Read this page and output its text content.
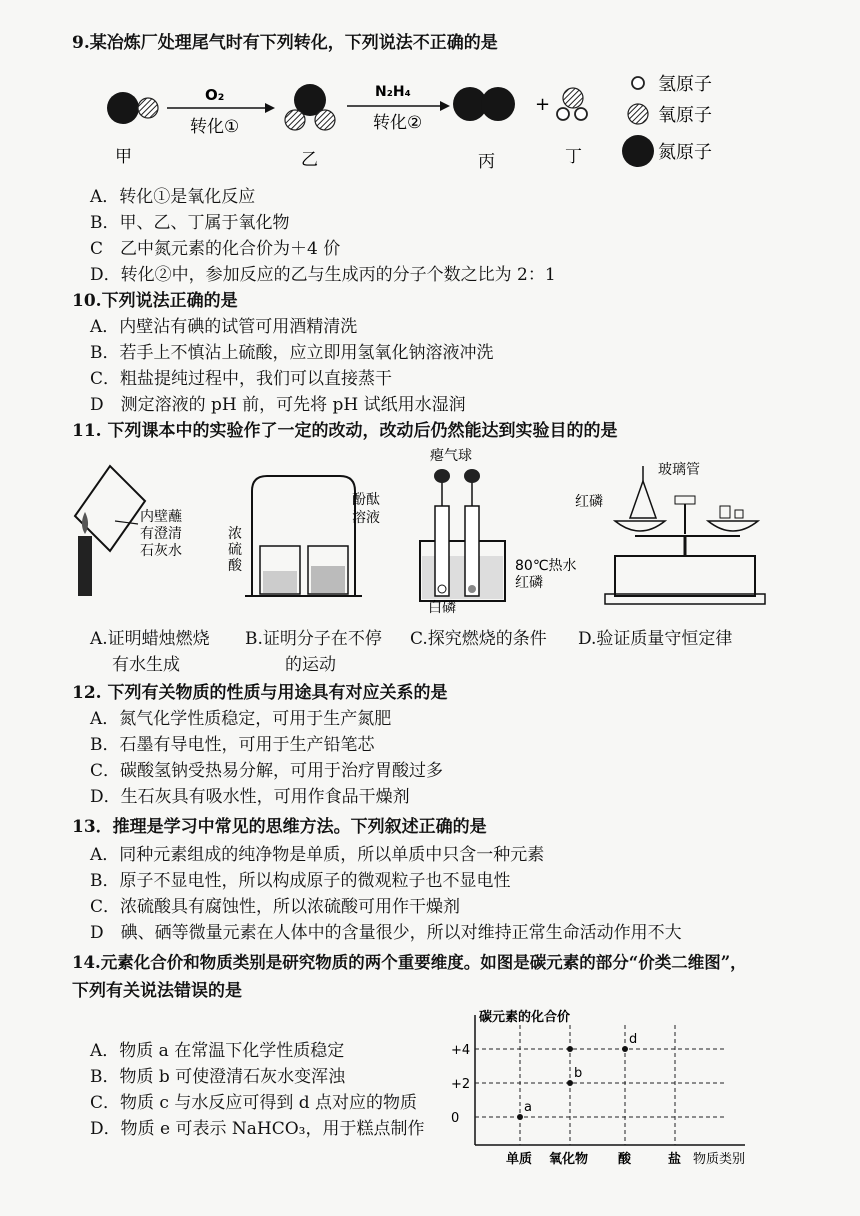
9.某冶炼厂处理尾气时有下列转化，下列说法不正确的是
O₂
转化①
N₂H₄
转化②
+
甲	乙	丙	丁
氢原子
氧原子
氮原子
A．转化①是氧化反应
B．甲、乙、丁属于氧化物
C　乙中氮元素的化合价为＋4 价
D．转化②中，参加反应的乙与生成丙的分子个数之比为 2：1
10.下列说法正确的是
A．内壁沾有碘的试管可用酒精清洗
B．若手上不慎沾上硫酸，应立即用氢氧化钠溶液冲洗
C．粗盐提纯过程中，我们可以直接蒸干
D　测定溶液的 pH 前，可先将 pH 试纸用水湿润
11. 下列课本中的实验作了一定的改动，改动后仍然能达到实验目的的是
内壁蘸
有澄清
石灰水
浓
硫
酸
酚酞
溶液
瘪气球
80℃热水
红磷
白磷
玻璃管
红磷
A.证明蜡烛燃烧
有水生成
B.证明分子在不停
的运动
C.探究燃烧的条件 D.验证质量守恒定律
12. 下列有关物质的性质与用途具有对应关系的是
A．氮气化学性质稳定，可用于生产氮肥
B．石墨有导电性，可用于生产铅笔芯
C．碳酸氢钠受热易分解，可用于治疗胃酸过多
D．生石灰具有吸水性，可用作食品干燥剂
13．推理是学习中常见的思维方法。下列叙述正确的是
A．同种元素组成的纯净物是单质，所以单质中只含一种元素
B．原子不显电性，所以构成原子的微观粒子也不显电性
C．浓硫酸具有腐蚀性，所以浓硫酸可用作干燥剂
D　碘、硒等微量元素在人体中的含量很少，所以对维持正常生命活动作用不大
14.元素化合价和物质类别是研究物质的两个重要维度。如图是碳元素的部分“价类二维图”，
下列有关说法错误的是
A．物质 a 在常温下化学性质稳定
B．物质 b 可使澄清石灰水变浑浊
C．物质 c 与水反应可得到 d 点对应的物质
D．物质 e 可表示 NaHCO₃，用于糕点制作
碳元素的化合价
+4
+2
0
单质 氧化物 酸	盐
a
b
d
物质类别
